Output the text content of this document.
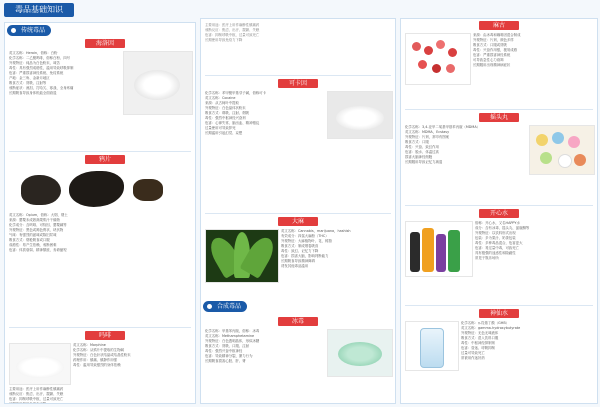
毒品基础知识
传统毒品
海洛因
英文名称：Heroin，俗称：白粉
化学名称：二乙酰吗啡，俗称白粉、四号
外观特征：纯品为白色粉末，味苦
毒性：具有强烈成瘾性，滥用导致呼吸抑制
危害：严重损害神经系统、免疫系统
产地：金三角、金新月地区
吸食方式：烫吸、注射等
戒断症状：流泪、打哈欠、寒战、全身疼痛
长期吸食导致身体机能全面衰退
鸦片
英文名称：Opium，俗称：大烟、烟土
来源：罂粟未成熟蒴果浆汁干燥物
化学成分：含吗啡、可待因、罂粟碱等
外观特征：黑色或褐色膏状、块状物
气味：有强烈的氨味或陈旧尿味
吸食方式：烟枪吸食或口服
成瘾性：易产生依赖，戒断困难
危害：体质衰弱、精神颓废、寿命缩短
吗啡
英文名称：Morphine
化学名称：从鸦片中提取的生物碱
外观特征：白色针状结晶或结晶性粉末
药理作用：镇痛、镇静作用强
毒性：滥用导致强烈的身体依赖
主要用途：医疗上用作麻醉性镇痛药
戒断反应：焦虑、出汗、震颤、失眠
危害：抑制呼吸中枢，过量可致死亡
长期使用导致免疫力下降
主要用途：医疗上用作麻醉性镇痛药
戒断反应：焦虑、出汗、震颤、失眠
危害：抑制呼吸中枢，过量可致死亡
长期使用导致免疫力下降
可卡因
化学名称：苯甲酰甲基芽子碱，俗称可卡
英文名称：Cocaine
来源：从古柯叶中提取
外观特征：白色晶体状粉末
吸食方式：鼻吸、注射、烟吸
毒性：强烈中枢神经兴奋剂
危害：心律失常、脑出血、精神错乱
过量使用可导致猝死
长期滥用引起幻觉、妄想
大麻
英文名称：Cannabis，marijuana，hashish
有效成分：四氢大麻酚（THC）
外观特征：大麻植物叶、花、树脂
吸食方式：制成烟卷吸食
毒性：致幻、记忆力下降
危害：损害大脑，影响判断能力
长期吸食导致精神障碍
诱发其他毒品滥用
合成毒品
冰毒
化学名称：甲基苯丙胺，俗称：冰毒
英文名称：Methamphetamine
外观特征：白色透明晶体，形似冰糖
吸食方式：烫吸、口服、注射
毒性：强烈兴奋中枢神经
危害：导致精神分裂、暴力行为
长期吸食损害心脏、肝、肾
麻古
来源：由冰毒和咖啡因混合制成
外观特征：片剂，颜色多样
吸食方式：口服或烫吸
毒性：兴奋作用强，极易成瘾
危害：严重损害神经系统
可导致急性心力衰竭
长期服用出现精神病症状
摇头丸
化学名称：3,4-亚甲二氧基甲基苯丙胺（MDMA）
英文名称：MDMA，Ecstasy
外观特征：片剂，常印有图案
吸食方式：口服
毒性：兴奋、致幻作用
危害：脱水、体温过高
损害大脑神经细胞
长期服用导致记忆力减退
开心水
俗称：开心水，又名HAPPY水
成分：含有冰毒、摇头丸、氯胺酮等
外观特征：以饮料形式出现
包装：多为果汁、奶茶包装
毒性：多种毒品混合，危害更大
危害：易过量中毒，可致死亡
具有极强的迷惑性和隐蔽性
常见于娱乐场所
神仙水
化学名称：γ-羟基丁酸（GHB）
英文名称：gamma-hydroxybutyrate
外观特征：无色无味液体
吸食方式：混入饮料口服
毒性：中枢神经抑制剂
危害：昏迷、呼吸抑制
过量可导致死亡
常被用作迷奸药
